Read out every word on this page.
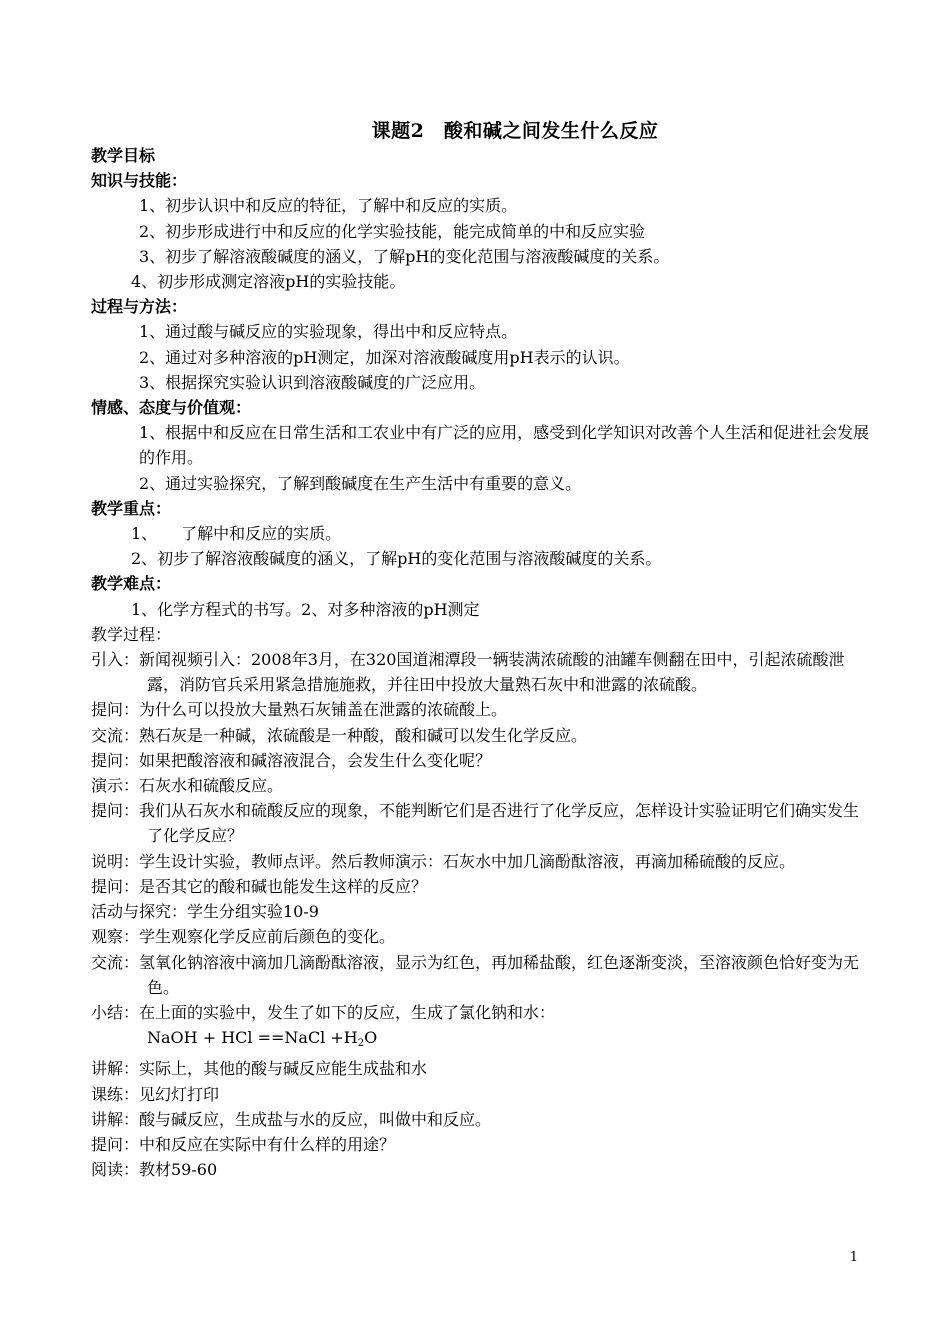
课题2　酸和碱之间发生什么反应
教学目标
知识与技能：
1、初步认识中和反应的特征，了解中和反应的实质。
2、初步形成进行中和反应的化学实验技能，能完成简单的中和反应实验
3、初步了解溶液酸碱度的涵义，了解pH的变化范围与溶液酸碱度的关系。
4、初步形成测定溶液pH的实验技能。
过程与方法：
1、通过酸与碱反应的实验现象，得出中和反应特点。
2、通过对多种溶液的pH测定，加深对溶液酸碱度用pH表示的认识。
3、根据探究实验认识到溶液酸碱度的广泛应用。
情感、态度与价值观：
1、根据中和反应在日常生活和工农业中有广泛的应用，感受到化学知识对改善个人生活和促进社会发展的作用。
2、通过实验探究，了解到酸碱度在生产生活中有重要的意义。
教学重点：
1、　　了解中和反应的实质。
2、初步了解溶液酸碱度的涵义，了解pH的变化范围与溶液酸碱度的关系。
教学难点：
1、化学方程式的书写。2、对多种溶液的pH测定
教学过程：
引入：新闻视频引入：2008年3月，在320国道湘潭段一辆装满浓硫酸的油罐车侧翻在田中，引起浓硫酸泄露，消防官兵采用紧急措施施救，并往田中投放大量熟石灰中和泄露的浓硫酸。
提问：为什么可以投放大量熟石灰铺盖在泄露的浓硫酸上。
交流：熟石灰是一种碱，浓硫酸是一种酸，酸和碱可以发生化学反应。
提问：如果把酸溶液和碱溶液混合，会发生什么变化呢？
演示：石灰水和硫酸反应。
提问：我们从石灰水和硫酸反应的现象，不能判断它们是否进行了化学反应，怎样设计实验证明它们确实发生了化学反应？
说明：学生设计实验，教师点评。然后教师演示：石灰水中加几滴酚酞溶液，再滴加稀硫酸的反应。
提问：是否其它的酸和碱也能发生这样的反应？
活动与探究：学生分组实验10-9
观察：学生观察化学反应前后颜色的变化。
交流：氢氧化钠溶液中滴加几滴酚酞溶液，显示为红色，再加稀盐酸，红色逐渐变淡，至溶液颜色恰好变为无色。
小结：在上面的实验中，发生了如下的反应，生成了氯化钠和水：
NaOH + HCl ==NaCl $+H_2O$
讲解：实际上，其他的酸与碱反应能生成盐和水
课练：见幻灯打印
讲解：酸与碱反应，生成盐与水的反应，叫做中和反应。
提问：中和反应在实际中有什么样的用途？
阅读：教材59-60
1
